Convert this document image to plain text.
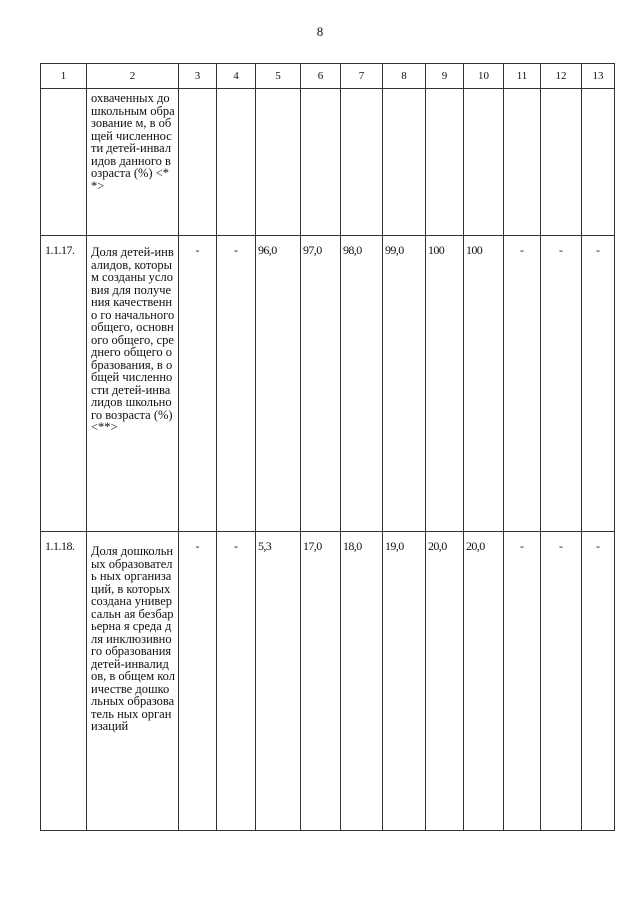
8
1	2	3	4	5	6	7	8	9	10	11	12	13
	охваченных дошкольным образование м, в общей численности детей-инвалидов данного возраста (%) <**>											
1.1.17.	Доля детей-инвалидов, которым созданы условия для получения качественно го начального общего, основного общего, среднего общего образования, в общей численности детей-инвалидов школьного возраста (%) <**>	-	-	96,0	97,0	98,0	99,0	100	100	-	-	-
1.1.18.	Доля дошкольных образователь ных организаций, в которых создана универсальн ая безбарьерна я среда для инклюзивно го образования детей-инвалидов, в общем количестве дошкольных образователь ных организаций	-	-	5,3	17,0	18,0	19,0	20,0	20,0	-	-	-
